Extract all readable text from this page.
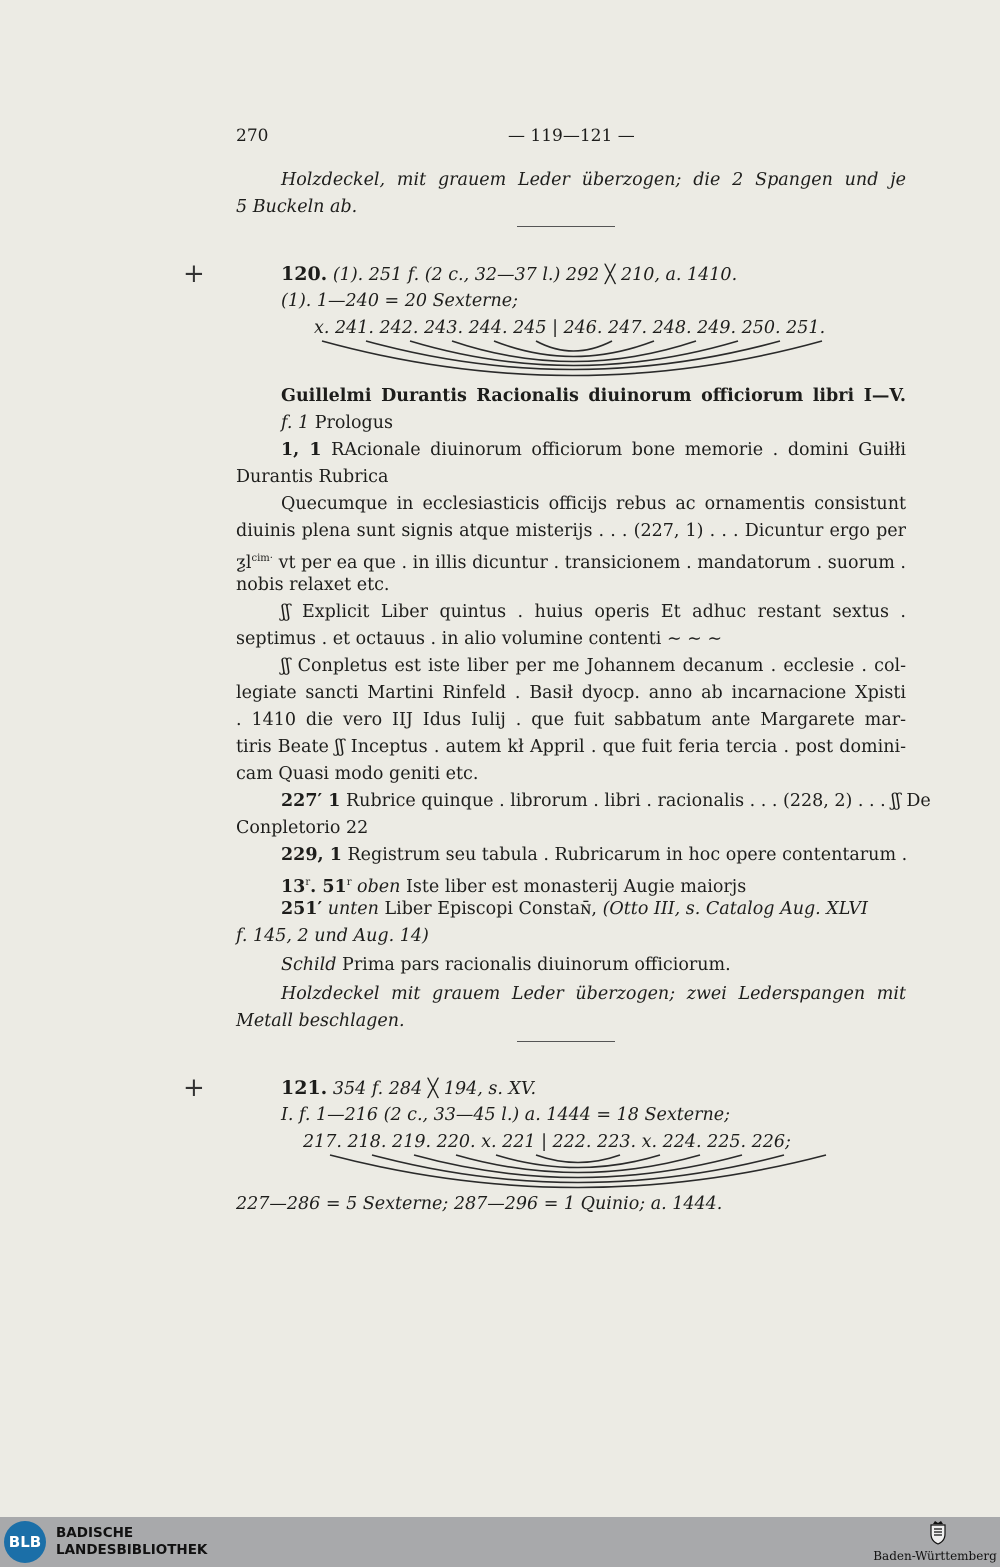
270	— 119—121 —
Holzdeckel, mit grauem Leder überzogen; die 2 Spangen und je
5 Buckeln ab.
+	120. (1). 251 f. (2 c., 32—37 l.) 292 ╳ 210, a. 1410.
(1). 1—240 = 20 Sexterne;
x. 241. 242. 243. 244. 245 | 246. 247. 248. 249. 250. 251.
Guillelmi Durantis Racionalis diuinorum officiorum libri I—V.
f. 1 Prologus
1, 1 RAcionale diuinorum officiorum bone memorie . domini Guiłłi
Durantis Rubrica
Quecumque in ecclesiasticis officijs rebus ac ornamentis consistunt
diuinis plena sunt signis atque misterijs . . . (227, 1) . . . Dicuntur ergo per
$ƺl^{cim\cdot}$ vt per ea que . in illis dicuntur . transicionem . mandatorum . suorum .
nobis relaxet etc.
ʃʃ Explicit Liber quintus . huius operis Et adhuc restant sextus .
septimus . et octauus . in alio volumine contenti ∼ ∼ ∼
ʃʃ Conpletus est iste liber per me Johannem decanum . ecclesie . col-
legiate sancti Martini Rinfeld . Basił dyocp. anno ab incarnacione Xpisti
. 1410 die vero IIJ Idus Iulij . que fuit sabbatum ante Margarete mar-
tiris Beate ʃʃ Inceptus . autem kł Appril . que fuit feria tercia . post domini-
cam Quasi modo geniti etc.
227′ 1 Rubrice quinque . librorum . libri . racionalis . . . (228, 2) . . . ʃʃ De
Conpletorio 22
229, 1 Registrum seu tabula . Rubricarum in hoc opere contentarum .
13$^r$. 51$^r$ oben Iste liber est monasterij Augie maiorjs
251′ unten Liber Episcopi Constaɴ̄, (Otto III, s. Catalog Aug. XLVI
f. 145, 2 und Aug. 14)
Schild Prima pars racionalis diuinorum officiorum.
Holzdeckel mit grauem Leder überzogen; zwei Lederspangen mit
Metall beschlagen.
+	121. 354 f. 284 ╳ 194, s. XV.
I. f. 1—216 (2 c., 33—45 l.) a. 1444 = 18 Sexterne;
217. 218. 219. 220. x. 221 | 222. 223. x. 224. 225. 226;
227—286 = 5 Sexterne; 287—296 = 1 Quinio; a. 1444.
BLB	BADISCHE
LANDESBIBLIOTHEK	Baden-Württemberg
